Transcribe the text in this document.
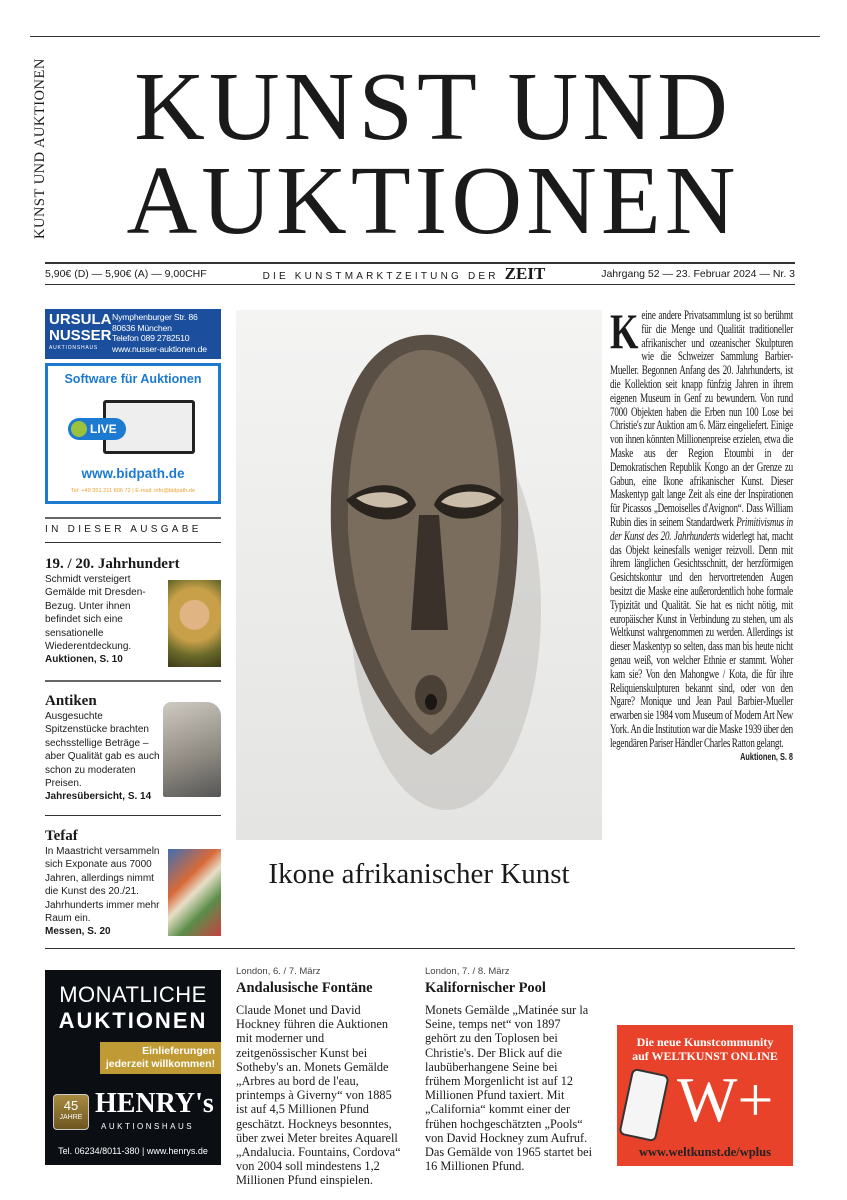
KUNST UND AUKTIONEN KUNST UND
AUKTIONEN
5,90€ (D) — 5,90€ (A) — 9,00CHF	DIE KUNSTMARKTZEITUNG DER ZEIT	Jahrgang 52 — 23. Februar 2024 — Nr. 3
URSULA
NUSSER
AUKTIONSHAUS
Nymphenburger Str. 86
80636 München
Telefon 089 2782510
www.nusser-auktionen.de
Software für Auktionen
LIVE
www.bidpath.de
Tel: +49 351 211 806 72 | E-mail: info@bidpath.de
IN DIESER AUSGABE
19. / 20. Jahrhundert

Schmidt versteigert Gemälde mit Dresden-Bezug. Unter ihnen befindet sich eine sensationelle Wiederentdeckung.

Auktionen, S. 10
Antiken

Ausgesuchte Spitzenstücke brachten sechsstellige Beträge – aber Qualität gab es auch schon zu moderaten Preisen.

Jahresübersicht, S. 14
Tefaf

In Maastricht versammeln sich Exponate aus 7000 Jahren, allerdings nimmt die Kunst des 20./21. Jahrhunderts immer mehr Raum ein.

Messen, S. 20
Ikone afrikanischer Kunst
Keine andere Privatsammlung ist so berühmt für die Menge und Qualität traditioneller afrikanischer und ozeanischer Skulpturen wie die Schweizer Sammlung Barbier-Mueller. Begonnen Anfang des 20. Jahrhunderts, ist die Kollektion seit knapp fünfzig Jahren in ihrem eigenen Museum in Genf zu bewundern. Von rund 7000 Objekten haben die Erben nun 100 Lose bei Christie's zur Auktion am 6. März eingeliefert. Einige von ihnen könnten Millionenpreise erzielen, etwa die Maske aus der Region Etoumbi in der Demokratischen Republik Kongo an der Grenze zu Gabun, eine Ikone afrikanischer Kunst. Dieser Maskentyp galt lange Zeit als eine der Inspirationen für Picassos „Demoiselles d'Avignon“. Dass William Rubin dies in seinem Standardwerk Primitivismus in der Kunst des 20. Jahrhunderts widerlegt hat, macht das Objekt keinesfalls weniger reizvoll. Denn mit ihrem länglichen Gesichtsschnitt, der herzförmigen Gesichtskontur und den hervortretenden Augen besitzt die Maske eine außerordentlich hohe formale Typizität und Qualität. Sie hat es nicht nötig, mit europäischer Kunst in Verbindung zu stehen, um als Weltkunst wahrgenommen zu werden. Allerdings ist dieser Maskentyp so selten, dass man bis heute nicht genau weiß, von welcher Ethnie er stammt. Woher kam sie? Von den Mahongwe / Kota, die für ihre Reliquienskulpturen bekannt sind, oder von den Ngare? Monique und Jean Paul Barbier-Mueller erwarben sie 1984 vom Museum of Modern Art New York. An die Institution war die Maske 1939 über den legendären Pariser Händler Charles Ratton gelangt.
Auktionen, S. 8
MONATLICHE
AUKTIONEN
Einlieferungen
jederzeit willkommen!
45
JAHRE HENRY's
AUKTIONSHAUS
Tel. 06234/8011-380 | www.henrys.de
London, 6. / 7. März
Andalusische Fontäne

Claude Monet und David Hockney führen die Auktionen mit moderner und zeitgenössischer Kunst bei Sotheby's an. Monets Gemälde „Arbres au bord de l'eau, printemps à Giverny“ von 1885 ist auf 4,5 Millionen Pfund geschätzt. Hockneys besonntes, über zwei Meter breites Aquarell „Andalucia. Fountains, Cordova“ von 2004 soll mindestens 1,2 Millionen Pfund einspielen.

London, 7. / 8. März
Kalifornischer Pool

Monets Gemälde „Matinée sur la Seine, temps net“ von 1897 gehört zu den Toplosen bei Christie's. Der Blick auf die laubüberhangene Seine bei frühem Morgenlicht ist auf 12 Millionen Pfund taxiert. Mit „California“ kommt einer der frühen hochgeschätzten „Pools“ von David Hockney zum Aufruf. Das Gemälde von 1965 startet bei 16 Millionen Pfund.

Die neue Kunstcommunity
auf WELTKUNST ONLINE
W+
www.weltkunst.de/wplus
